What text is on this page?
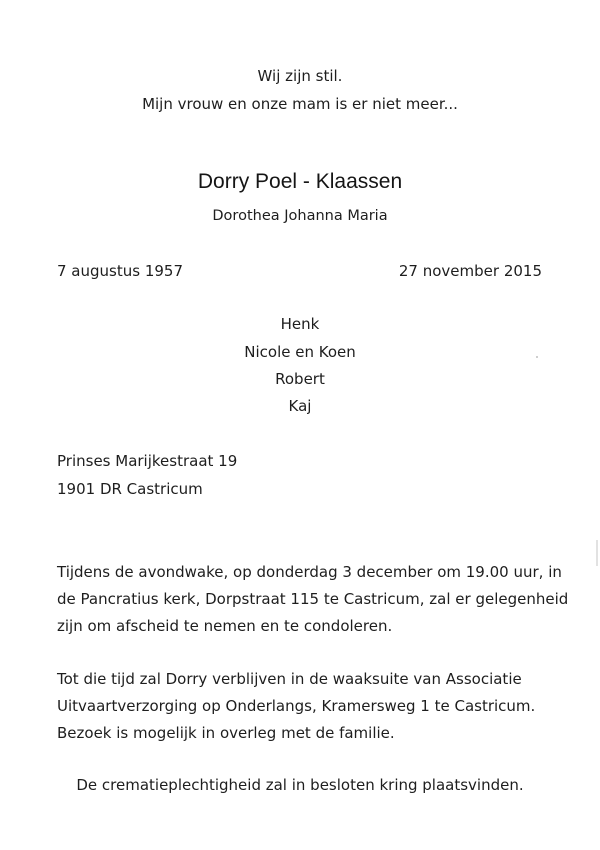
Wij zijn stil.
Mijn vrouw en onze mam is er niet meer...
Dorry Poel - Klaassen
Dorothea Johanna Maria
7 augustus 1957	27 november 2015
Henk
Nicole en Koen
Robert
Kaj
Prinses Marijkestraat 19
1901 DR Castricum
Tijdens de avondwake, op donderdag 3 december om 19.00 uur, in
de Pancratius kerk, Dorpstraat 115 te Castricum, zal er gelegenheid
zijn om afscheid te nemen en te condoleren.
Tot die tijd zal Dorry verblijven in de waaksuite van Associatie
Uitvaartverzorging op Onderlangs, Kramersweg 1 te Castricum.
Bezoek is mogelijk in overleg met de familie.
De crematieplechtigheid zal in besloten kring plaatsvinden.
